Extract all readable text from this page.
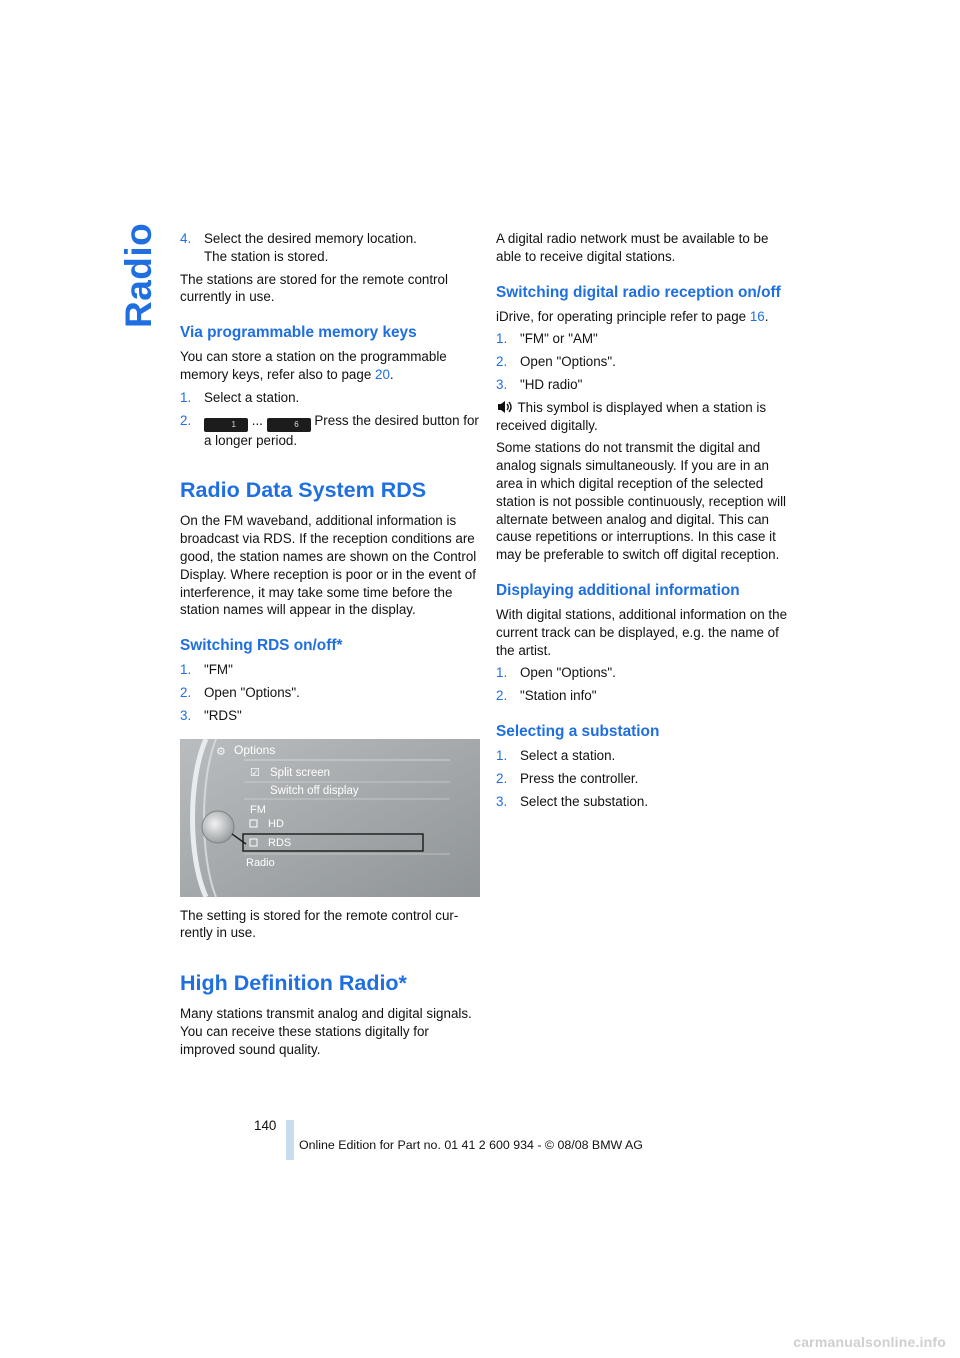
Radio 4. Select the desired memory location.
The station is stored.

The stations are stored for the remote control currently in use.

Via programmable memory keys

You can store a station on the programmable memory keys, refer also to page 20.

1. Select a station.
2.	1 ...	6 Press the desired button for a longer period.
Radio Data System RDS

On the FM waveband, additional information is broadcast via RDS. If the reception conditions are good, the station names are shown on the Control Display. Where reception is poor or in the event of interference, it may take some time before the station names will appear in the display.

Switching RDS on/off*
1. "FM"
2. Open "Options".
3. "RDS"
⚙ Options
☑ Split screen
Switch off display
FM
HD
RDS
Radio

The setting is stored for the remote control currently in use.

High Definition Radio*

Many stations transmit analog and digital signals. You can receive these stations digitally for improved sound quality.

A digital radio network must be available to be able to receive digital stations.

Switching digital radio reception on/off

iDrive, for operating principle refer to page 16.

1. "FM" or "AM"
2. Open "Options".
3. "HD radio"

This symbol is displayed when a station is received digitally.

Some stations do not transmit the digital and analog signals simultaneously. If you are in an area in which digital reception of the selected station is not possible continuously, reception will alternate between analog and digital. This can cause repetitions or interruptions. In this case it may be preferable to switch off digital reception.

Displaying additional information

With digital stations, additional information on the current track can be displayed, e.g. the name of the artist.

1. Open "Options".
2. "Station info"
Selecting a substation
1. Select a station.
2. Press the controller.
3. Select the substation.
140
Online Edition for Part no. 01 41 2 600 934 - © 08/08 BMW AG
carmanualsonline.info
